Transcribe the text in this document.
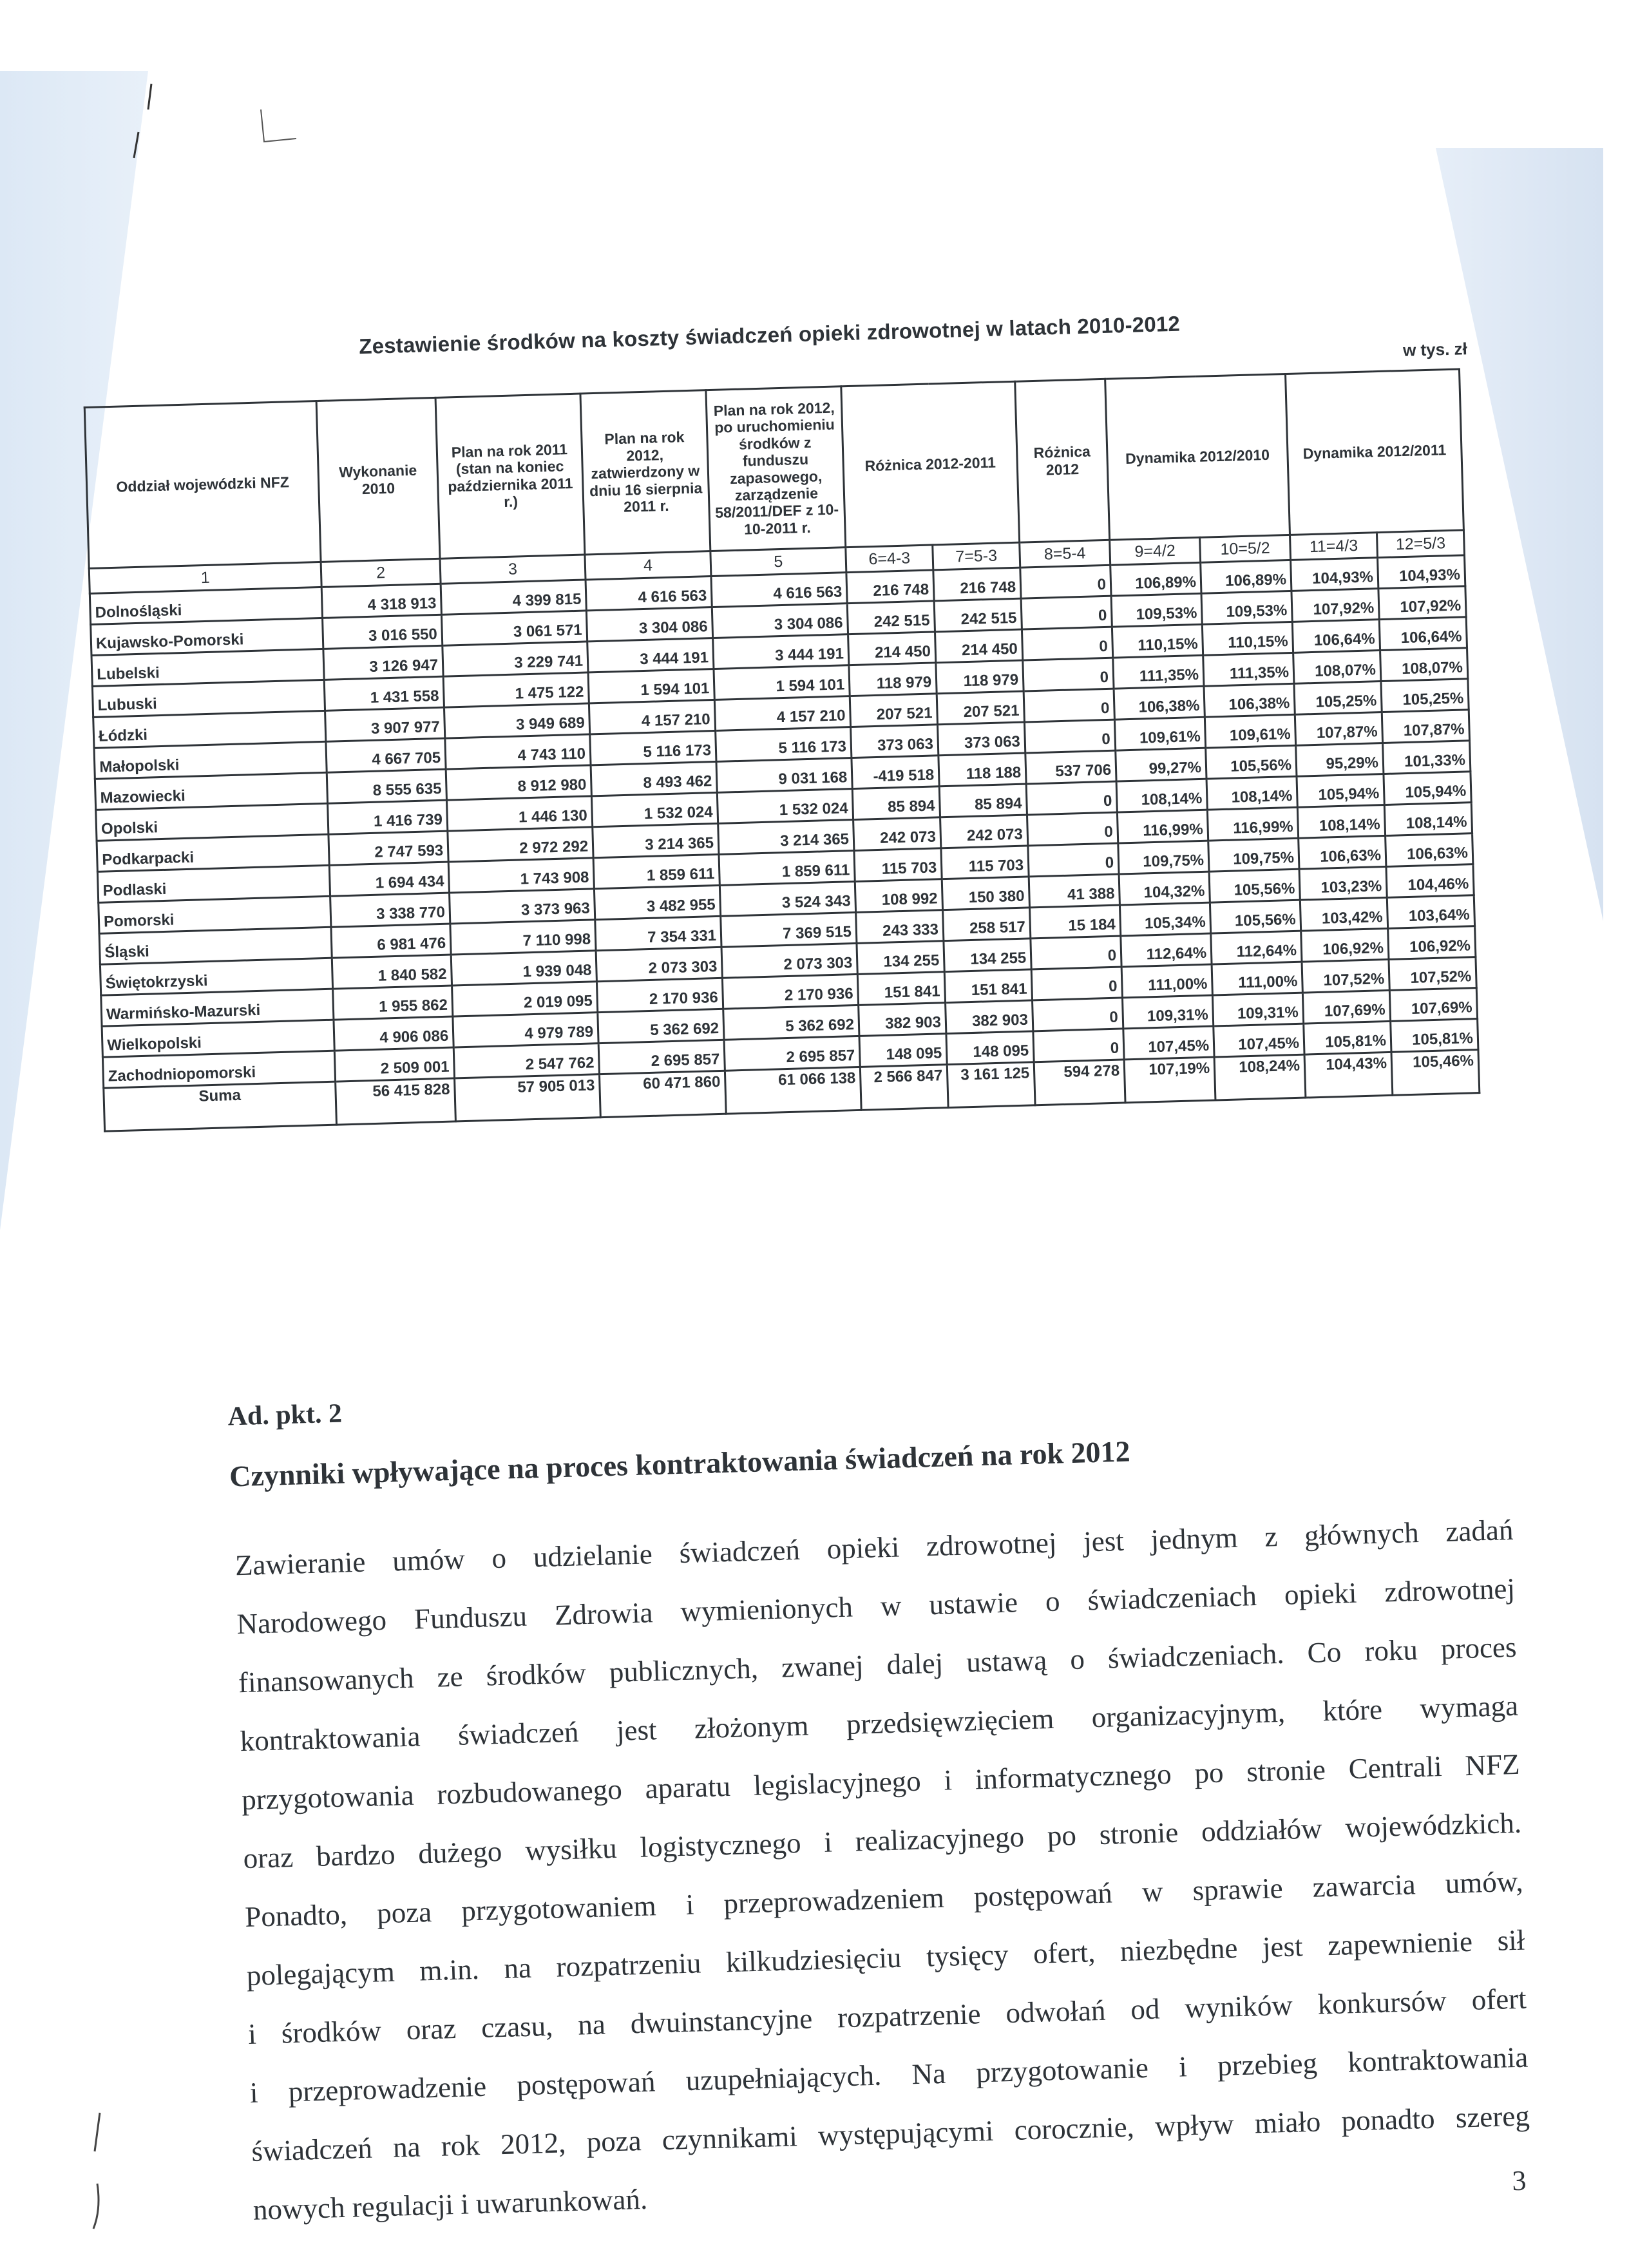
Zestawienie środków na koszty świadczeń opieki zdrowotnej w latach 2010-2012	w tys. zł
Oddział wojewódzki NFZ	Wykonanie 2010	Plan na rok 2011 (stan na koniec października 2011 r.)	Plan na rok 2012, zatwierdzony w dniu 16 sierpnia 2011 r.	Plan na rok 2012, po uruchomieniu środków z funduszu zapasowego, zarządzenie 58/2011/DEF z 10-10-2011 r.	Różnica 2012-2011		Różnica 2012	Dynamika 2012/2010		Dynamika 2012/2011	
1	2	3	4	5	6=4-3	7=5-3	8=5-4	9=4/2	10=5/2	11=4/3	12=5/3
Dolnośląski	4 318 913	4 399 815	4 616 563	4 616 563	216 748	216 748	0	106,89%	106,89%	104,93%	104,93%
Kujawsko-Pomorski	3 016 550	3 061 571	3 304 086	3 304 086	242 515	242 515	0	109,53%	109,53%	107,92%	107,92%
Lubelski	3 126 947	3 229 741	3 444 191	3 444 191	214 450	214 450	0	110,15%	110,15%	106,64%	106,64%
Lubuski	1 431 558	1 475 122	1 594 101	1 594 101	118 979	118 979	0	111,35%	111,35%	108,07%	108,07%
Łódzki	3 907 977	3 949 689	4 157 210	4 157 210	207 521	207 521	0	106,38%	106,38%	105,25%	105,25%
Małopolski	4 667 705	4 743 110	5 116 173	5 116 173	373 063	373 063	0	109,61%	109,61%	107,87%	107,87%
Mazowiecki	8 555 635	8 912 980	8 493 462	9 031 168	-419 518	118 188	537 706	99,27%	105,56%	95,29%	101,33%
Opolski	1 416 739	1 446 130	1 532 024	1 532 024	85 894	85 894	0	108,14%	108,14%	105,94%	105,94%
Podkarpacki	2 747 593	2 972 292	3 214 365	3 214 365	242 073	242 073	0	116,99%	116,99%	108,14%	108,14%
Podlaski	1 694 434	1 743 908	1 859 611	1 859 611	115 703	115 703	0	109,75%	109,75%	106,63%	106,63%
Pomorski	3 338 770	3 373 963	3 482 955	3 524 343	108 992	150 380	41 388	104,32%	105,56%	103,23%	104,46%
Śląski	6 981 476	7 110 998	7 354 331	7 369 515	243 333	258 517	15 184	105,34%	105,56%	103,42%	103,64%
Świętokrzyski	1 840 582	1 939 048	2 073 303	2 073 303	134 255	134 255	0	112,64%	112,64%	106,92%	106,92%
Warmińsko-Mazurski	1 955 862	2 019 095	2 170 936	2 170 936	151 841	151 841	0	111,00%	111,00%	107,52%	107,52%
Wielkopolski	4 906 086	4 979 789	5 362 692	5 362 692	382 903	382 903	0	109,31%	109,31%	107,69%	107,69%
Zachodniopomorski	2 509 001	2 547 762	2 695 857	2 695 857	148 095	148 095	0	107,45%	107,45%	105,81%	105,81%
Suma	56 415 828	57 905 013	60 471 860	61 066 138	2 566 847	3 161 125	594 278	107,19%	108,24%	104,43%	105,46%
Ad. pkt. 2
Czynniki wpływające na proces kontraktowania świadczeń na rok 2012
Zawieranie umów o udzielanie świadczeń opieki zdrowotnej jest jednym z głównych zadań
Narodowego Funduszu Zdrowia wymienionych w ustawie o świadczeniach opieki zdrowotnej
finansowanych ze środków publicznych, zwanej dalej ustawą o świadczeniach. Co roku proces
kontraktowania świadczeń jest złożonym przedsięwzięciem organizacyjnym, które wymaga
przygotowania rozbudowanego aparatu legislacyjnego i informatycznego po stronie Centrali NFZ
oraz bardzo dużego wysiłku logistycznego i realizacyjnego po stronie oddziałów wojewódzkich.
Ponadto, poza przygotowaniem i przeprowadzeniem postępowań w sprawie zawarcia umów,
polegającym m.in. na rozpatrzeniu kilkudziesięciu tysięcy ofert, niezbędne jest zapewnienie sił
i środków oraz czasu, na dwuinstancyjne rozpatrzenie odwołań od wyników konkursów ofert
i przeprowadzenie postępowań uzupełniających. Na przygotowanie i przebieg kontraktowania
świadczeń na rok 2012, poza czynnikami występującymi corocznie, wpływ miało ponadto szereg
nowych regulacji i uwarunkowań.
3
